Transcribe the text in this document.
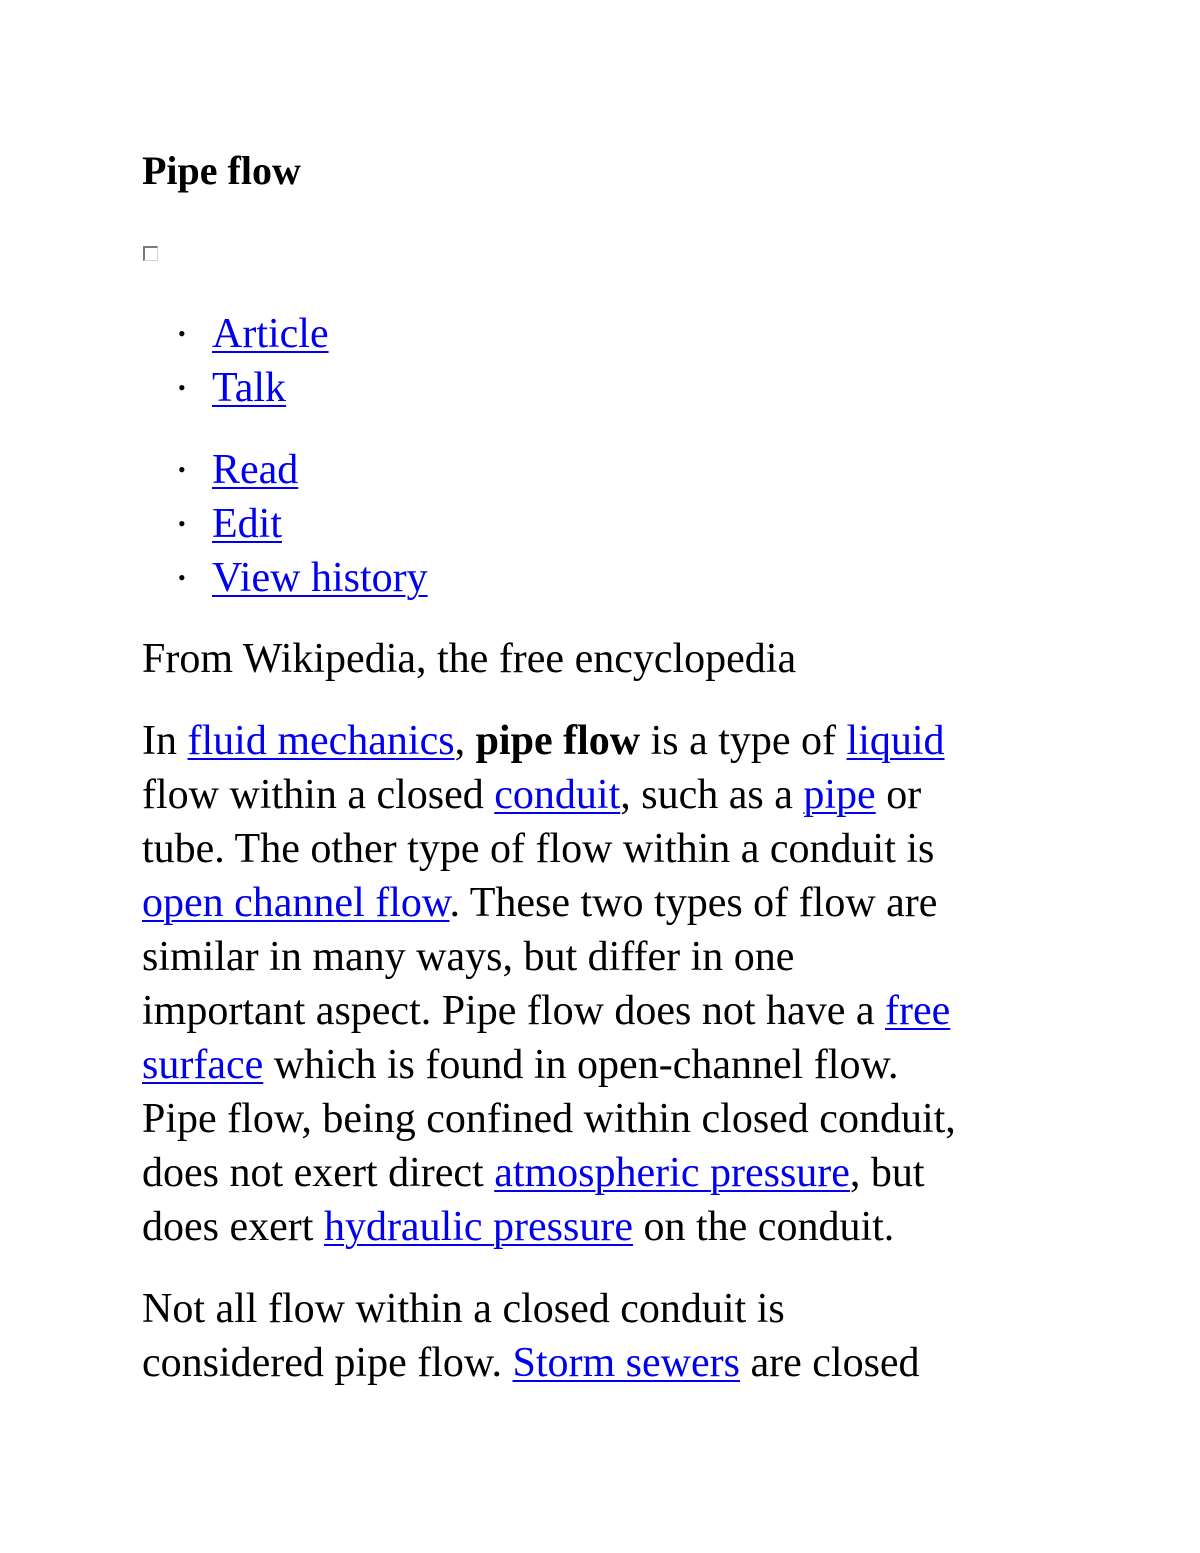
Pipe flow
• Article
• Talk
• Read
• Edit
• View history

From Wikipedia, the free encyclopedia

In fluid mechanics, pipe flow is a type of liquid
flow within a closed conduit, such as a pipe or
tube. The other type of flow within a conduit is
open channel flow. These two types of flow are
similar in many ways, but differ in one
important aspect. Pipe flow does not have a free
surface which is found in open-channel flow.
Pipe flow, being confined within closed conduit,
does not exert direct atmospheric pressure, but
does exert hydraulic pressure on the conduit.

Not all flow within a closed conduit is
considered pipe flow. Storm sewers are closed
